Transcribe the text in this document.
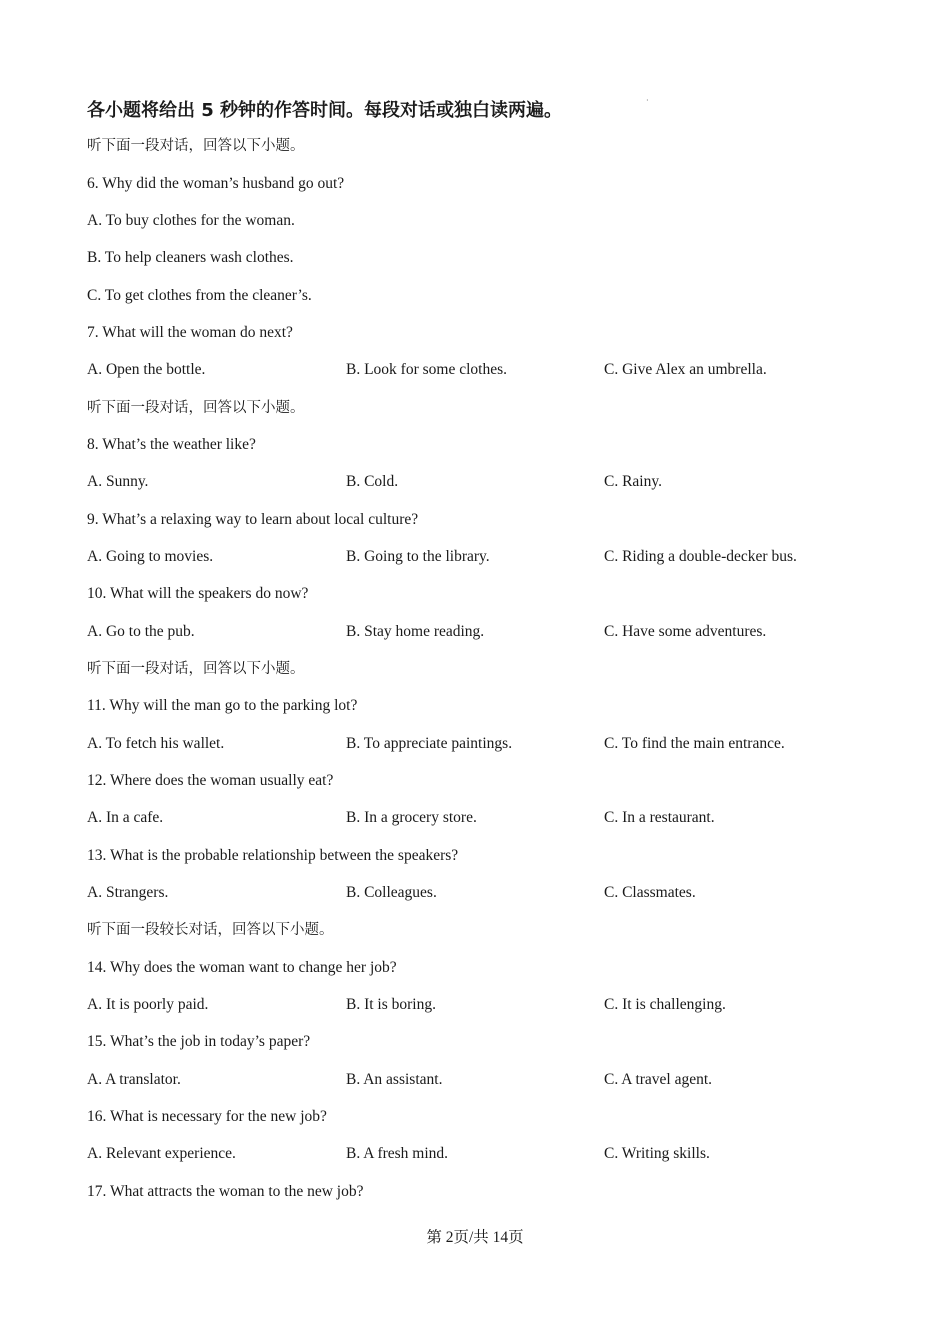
各小题将给出 5 秒钟的作答时间。每段对话或独白读两遍。	·
听下面一段对话，回答以下小题。
6. Why did the woman’s husband go out?
A. To buy clothes for the woman.
B. To help cleaners wash clothes.
C. To get clothes from the cleaner’s.
7. What will the woman do next?
A. Open the bottle.	B. Look for some clothes.	C. Give Alex an umbrella.
听下面一段对话，回答以下小题。
8. What’s the weather like?
A. Sunny.	B. Cold.	C. Rainy.
9. What’s a relaxing way to learn about local culture?
A. Going to movies.	B. Going to the library.	C. Riding a double-decker bus.
10. What will the speakers do now?
A. Go to the pub.	B. Stay home reading.	C. Have some adventures.
听下面一段对话，回答以下小题。
11. Why will the man go to the parking lot?
A. To fetch his wallet.	B. To appreciate paintings.	C. To find the main entrance.
12. Where does the woman usually eat?
A. In a cafe.	B. In a grocery store.	C. In a restaurant.
13. What is the probable relationship between the speakers?
A. Strangers.	B. Colleagues.	C. Classmates.
听下面一段较长对话，回答以下小题。
14. Why does the woman want to change her job?
A. It is poorly paid.	B. It is boring.	C. It is challenging.
15. What’s the job in today’s paper?
A. A translator.	B. An assistant.	C. A travel agent.
16. What is necessary for the new job?
A. Relevant experience.	B. A fresh mind.	C. Writing skills.
17. What attracts the woman to the new job?
第 2页/共 14页
